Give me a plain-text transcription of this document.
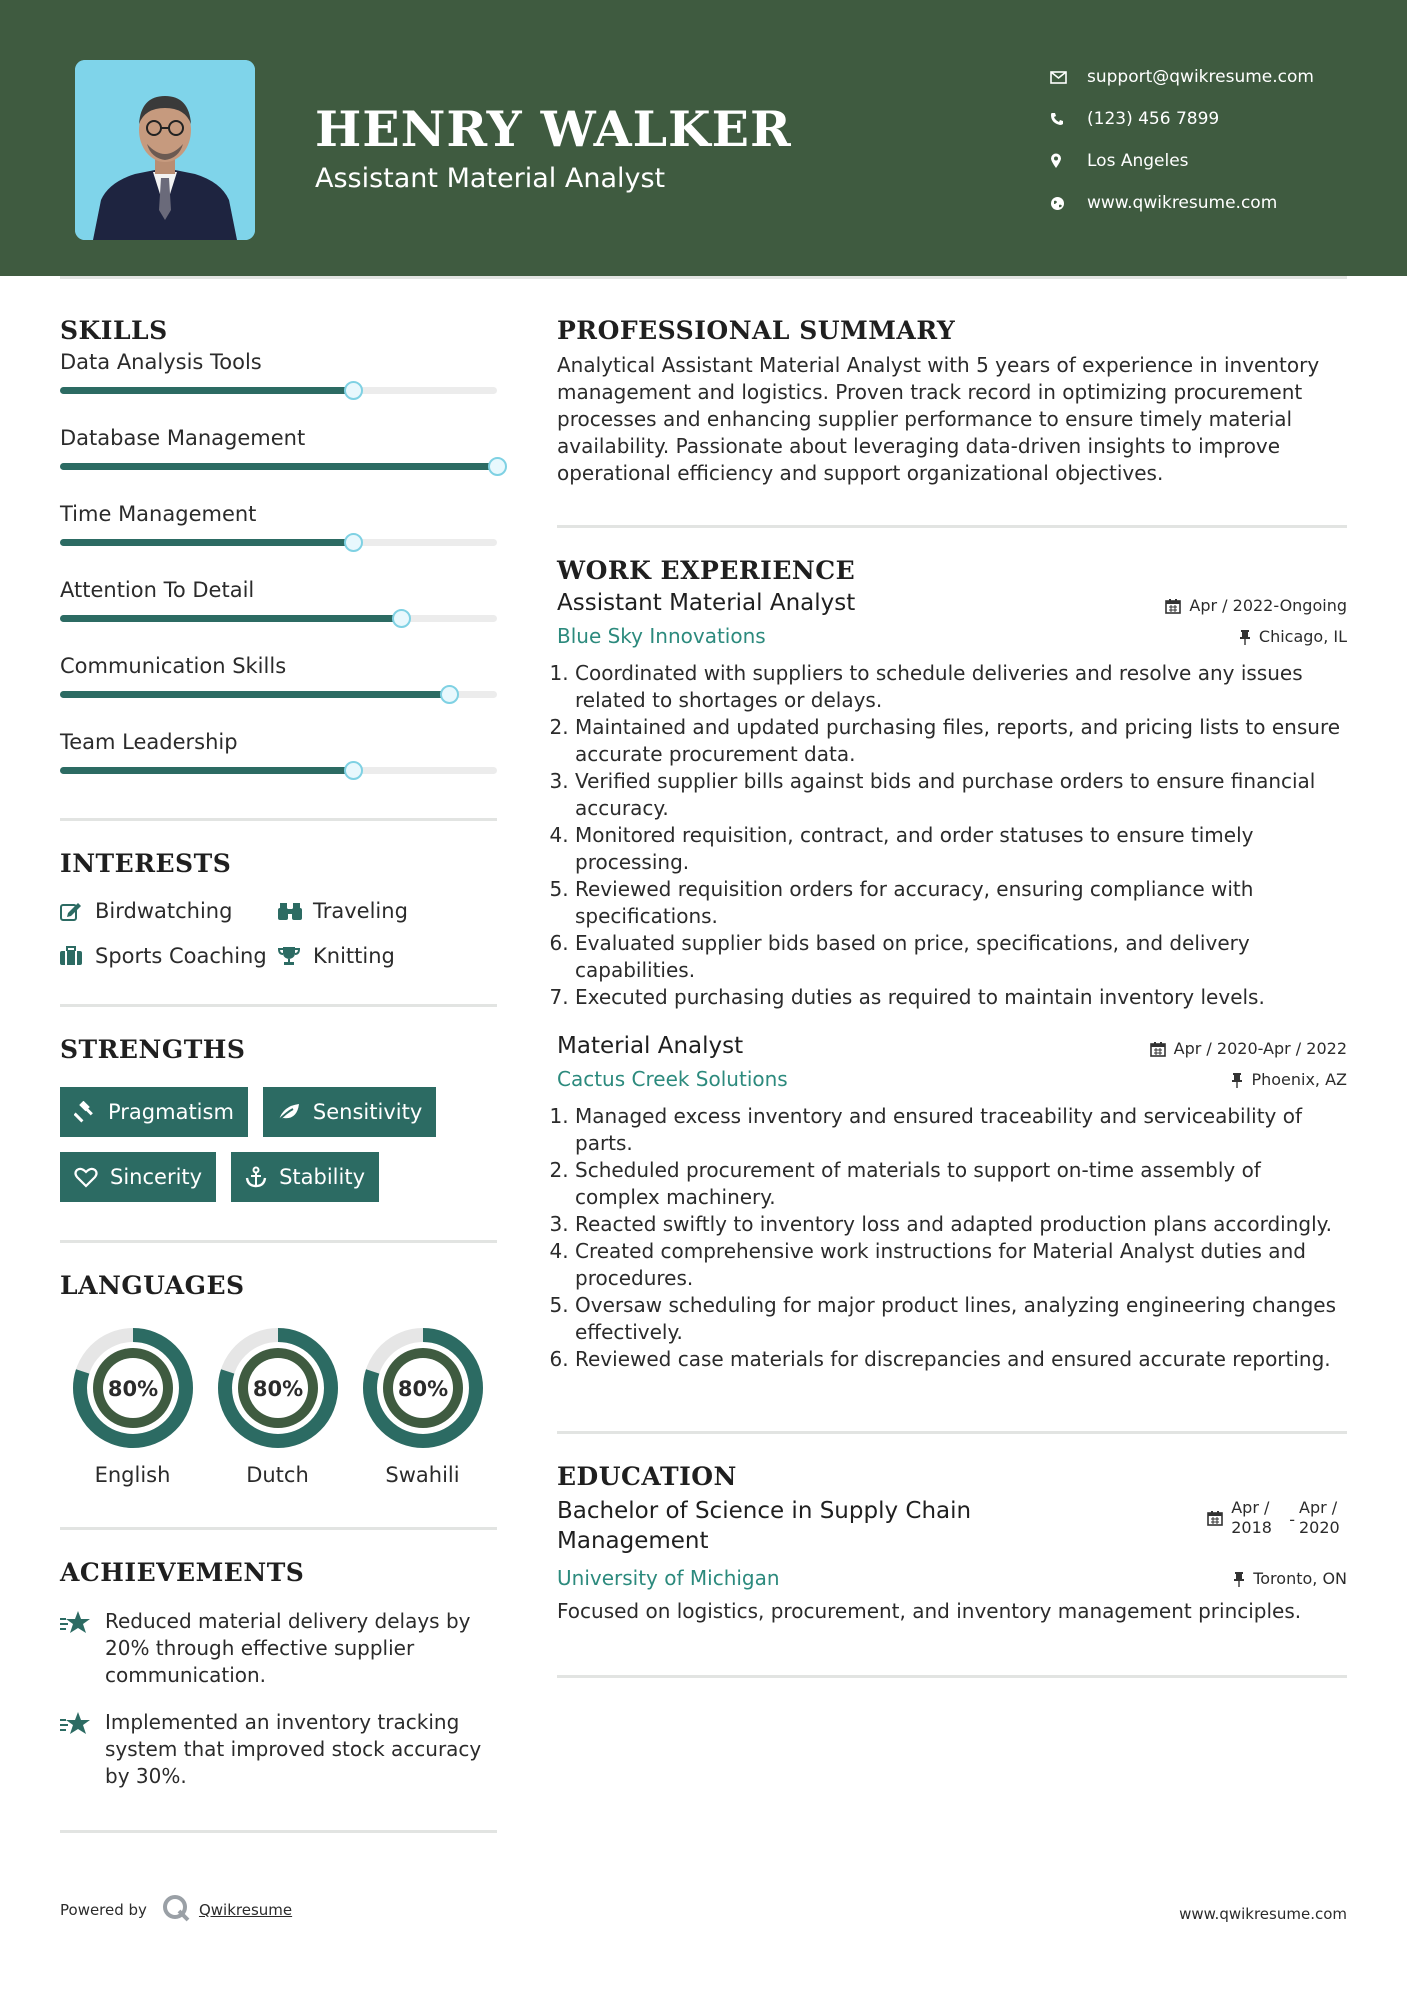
HENRY WALKER
Assistant Material Analyst
support@qwikresume.com
(123) 456 7899
Los Angeles
www.qwikresume.com
SKILLS
Data Analysis Tools
Database Management
Time Management
Attention To Detail
Communication Skills
Team Leadership
INTERESTS
Birdwatching	Traveling
Sports Coaching Knitting
STRENGTHS
Pragmatism	Sensitivity
Sincerity	Stability
LANGUAGES
80%
English
80%
Dutch
80%
Swahili
ACHIEVEMENTS
Reduced material delivery delays by 20% through effective supplier communication.
Implemented an inventory tracking system that improved stock accuracy by 30%.
PROFESSIONAL SUMMARY
Analytical Assistant Material Analyst with 5 years of experience in inventory management and logistics. Proven track record in optimizing procurement processes and enhancing supplier performance to ensure timely material availability. Passionate about leveraging data-driven insights to improve operational efficiency and support organizational objectives.
WORK EXPERIENCE
Assistant Material Analyst	Apr / 2022-Ongoing
Blue Sky Innovations	Chicago, IL
1. Coordinated with suppliers to schedule deliveries and resolve any issues related to shortages or delays.
2. Maintained and updated purchasing files, reports, and pricing lists to ensure accurate procurement data.
3. Verified supplier bills against bids and purchase orders to ensure financial accuracy.
4. Monitored requisition, contract, and order statuses to ensure timely processing.
5. Reviewed requisition orders for accuracy, ensuring compliance with specifications.
6. Evaluated supplier bids based on price, specifications, and delivery capabilities.
7. Executed purchasing duties as required to maintain inventory levels.
Material Analyst	Apr / 2020-Apr / 2022
Cactus Creek Solutions	Phoenix, AZ
1. Managed excess inventory and ensured traceability and serviceability of parts.
2. Scheduled procurement of materials to support on-time assembly of complex machinery.
3. Reacted swiftly to inventory loss and adapted production plans accordingly.
4. Created comprehensive work instructions for Material Analyst duties and procedures.
5. Oversaw scheduling for major product lines, analyzing engineering changes effectively.
6. Reviewed case materials for discrepancies and ensured accurate reporting.
EDUCATION
Bachelor of Science in Supply Chain Management
Apr / 2018	-
Apr / 2020
University of Michigan	Toronto, ON
Focused on logistics, procurement, and inventory management principles.
Powered by	Qwikresume	www.qwikresume.com
